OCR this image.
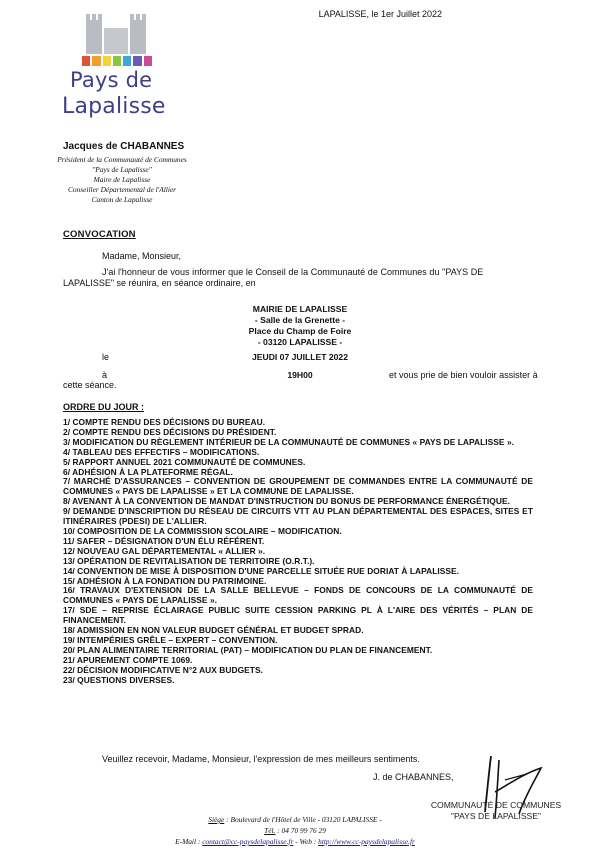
Pays de
Lapalisse
LAPALISSE, le 1er Juillet 2022
Jacques de CHABANNES
Président de la Communauté de Communes
"Pays de Lapalisse"
Maire de Lapalisse
Conseiller Départemental de l'Allier
Canton de Lapalisse
CONVOCATION
Madame, Monsieur,
J'ai l'honneur de vous informer que le Conseil de la Communauté de Communes du "PAYS DE
LAPALISSE" se réunira, en séance ordinaire, en
MAIRIE DE LAPALISSE
- Salle de la Grenette -
Place du Champ de Foire
- 03120 LAPALISSE -
le	JEUDI 07 JUILLET 2022
à	19H00	et vous prie de bien vouloir assister à
cette séance.
ORDRE DU JOUR :
1/ COMPTE RENDU DES DÉCISIONS DU BUREAU.
2/ COMPTE RENDU DES DÉCISIONS DU PRÉSIDENT.
3/ MODIFICATION DU RÈGLEMENT INTÉRIEUR DE LA COMMUNAUTÉ DE COMMUNES « PAYS DE LAPALISSE ».
4/ TABLEAU DES EFFECTIFS – MODIFICATIONS.
5/ RAPPORT ANNUEL 2021 COMMUNAUTÉ DE COMMUNES.
6/ ADHÉSION À LA PLATEFORME RÉGAL.
7/ MARCHÉ D'ASSURANCES – CONVENTION DE GROUPEMENT DE COMMANDES ENTRE LA COMMUNAUTÉ DE COMMUNES « PAYS DE LAPALISSE » ET LA COMMUNE DE LAPALISSE.
8/ AVENANT À LA CONVENTION DE MANDAT D'INSTRUCTION DU BONUS DE PERFORMANCE ÉNERGÉTIQUE.
9/ DEMANDE D'INSCRIPTION DU RÉSEAU DE CIRCUITS VTT AU PLAN DÉPARTEMENTAL DES ESPACES, SITES ET ITINÉRAIRES (PDESI) DE L'ALLIER.
10/ COMPOSITION DE LA COMMISSION SCOLAIRE – MODIFICATION.
11/ SAFER – DÉSIGNATION D'UN ÉLU RÉFÉRENT.
12/ NOUVEAU GAL DÉPARTEMENTAL « ALLIER ».
13/ OPÉRATION DE REVITALISATION DE TERRITOIRE (O.R.T.).
14/ CONVENTION DE MISE À DISPOSITION D'UNE PARCELLE SITUÉE RUE DORIAT À LAPALISSE.
15/ ADHÉSION À LA FONDATION DU PATRIMOINE.
16/ TRAVAUX D'EXTENSION DE LA SALLE BELLEVUE – FONDS DE CONCOURS DE LA COMMUNAUTÉ DE COMMUNES « PAYS DE LAPALISSE ».
17/ SDE – REPRISE ÉCLAIRAGE PUBLIC SUITE CESSION PARKING PL À L'AIRE DES VÉRITÉS – PLAN DE FINANCEMENT.
18/ ADMISSION EN NON VALEUR BUDGET GÉNÉRAL ET BUDGET SPRAD.
19/ INTEMPÉRIES GRÊLE – EXPERT – CONVENTION.
20/ PLAN ALIMENTAIRE TERRITORIAL (PAT) – MODIFICATION DU PLAN DE FINANCEMENT.
21/ APUREMENT COMPTE 1069.
22/ DÉCISION MODIFICATIVE N°2 AUX BUDGETS.
23/ QUESTIONS DIVERSES.
Veuillez recevoir, Madame, Monsieur, l'expression de mes meilleurs sentiments.
J. de CHABANNES,
COMMUNAUTÉ DE COMMUNES
"PAYS DE LAPALISSE"
Siège : Boulevard de l'Hôtel de Ville - 03120 LAPALISSE -
Tél. : 04 70 99 76 29
E-Mail : contact@cc-paysdelapalisse.fr - Web : http://www.cc-paysdelapalisse.fr
